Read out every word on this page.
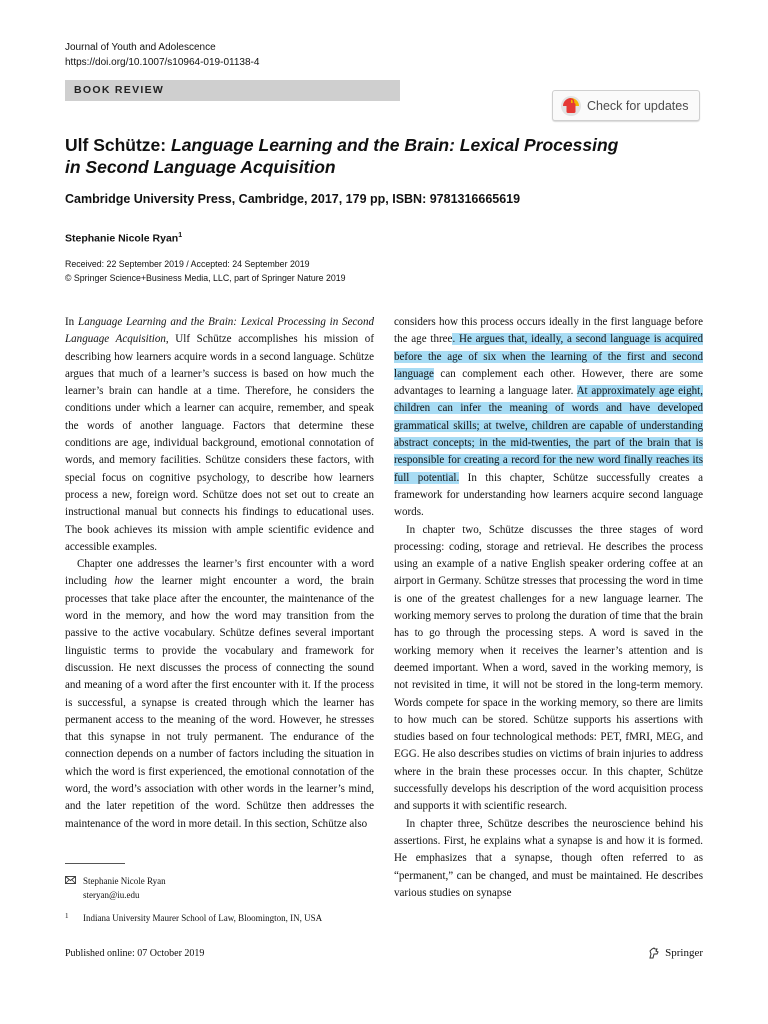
Journal of Youth and Adolescence
https://doi.org/10.1007/s10964-019-01138-4
BOOK REVIEW
Check for updates
Ulf Schütze: Language Learning and the Brain: Lexical Processing in Second Language Acquisition
Cambridge University Press, Cambridge, 2017, 179 pp, ISBN: 9781316665619
Stephanie Nicole Ryan$^1$
Received: 22 September 2019 / Accepted: 24 September 2019
© Springer Science+Business Media, LLC, part of Springer Nature 2019

In Language Learning and the Brain: Lexical Processing in Second Language Acquisition, Ulf Schütze accomplishes his mission of describing how learners acquire words in a second language. Schütze argues that much of a learner’s success is based on how much the learner’s brain can handle at a time. Therefore, he considers the conditions under which a learner can acquire, remember, and speak the words of another language. Factors that determine these conditions are age, individual background, emotional connotation of words, and memory facilities. Schütze considers these factors, with special focus on cognitive psychology, to describe how learners process a new, foreign word. Schütze does not set out to create an instructional manual but connects his findings to educational uses. The book achieves its mission with ample scientific evidence and accessible examples.

Chapter one addresses the learner’s first encounter with a word including how the learner might encounter a word, the brain processes that take place after the encounter, the maintenance of the word in the memory, and how the word may transition from the passive to the active vocabulary. Schütze defines several important linguistic terms to provide the vocabulary and framework for discussion. He next discusses the process of connecting the sound and meaning of a word after the first encounter with it. If the process is successful, a synapse is created through which the learner has permanent access to the meaning of the word. However, he stresses that this synapse in not truly permanent. The endurance of the connection depends on a number of factors including the situation in which the word is first experienced, the emotional connotation of the word, the word’s association with other words in the learner’s mind, and the later repetition of the word. Schütze then addresses the maintenance of the word in more detail. In this section, Schütze also

considers how this process occurs ideally in the first language before the age three. He argues that, ideally, a second language is acquired before the age of six when the learning of the first and second language can complement each other. However, there are some advantages to learning a language later. At approximately age eight, children can infer the meaning of words and have developed grammatical skills; at twelve, children are capable of understanding abstract concepts; in the mid-twenties, the part of the brain that is responsible for creating a record for the new word finally reaches its full potential. In this chapter, Schütze successfully creates a framework for understanding how learners acquire second language words.

In chapter two, Schütze discusses the three stages of word processing: coding, storage and retrieval. He describes the process using an example of a native English speaker ordering coffee at an airport in Germany. Schütze stresses that processing the word in time is one of the greatest challenges for a new language learner. The working memory serves to prolong the duration of time that the brain has to go through the processing steps. A word is saved in the working memory when it receives the learner’s attention and is deemed important. When a word, saved in the working memory, is not revisited in time, it will not be stored in the long-term memory. Words compete for space in the working memory, so there are limits to how much can be stored. Schütze supports his assertions with studies based on four technological methods: PET, fMRI, MEG, and EGG. He also describes studies on victims of brain injuries to address where in the brain these processes occur. In this chapter, Schütze successfully develops his description of the word acquisition process and supports it with scientific research.

In chapter three, Schütze describes the neuroscience behind his assertions. First, he explains what a synapse is and how it is formed. He emphasizes that a synapse, though often referred to as “permanent,” can be changed, and must be maintained. He describes various studies on synapse

Stephanie Nicole Ryan
steryan@iu.edu
1	Indiana University Maurer School of Law, Bloomington, IN, USA
Published online: 07 October 2019	Springer
